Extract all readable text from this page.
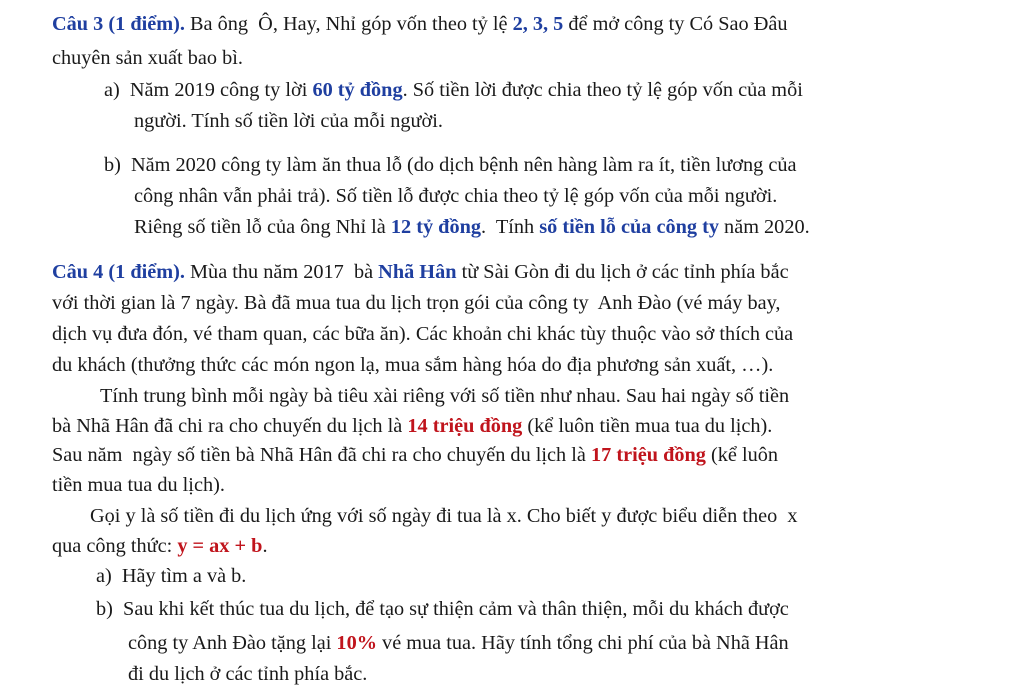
Câu 3 (1 điểm). Ba ông  Ô, Hay, Nhỉ góp vốn theo tỷ lệ 2, 3, 5 để mở công ty Có Sao Đâu
chuyên sản xuất bao bì.
a)  Năm 2019 công ty lời 60 tỷ đồng. Số tiền lời được chia theo tỷ lệ góp vốn của mỗi
người. Tính số tiền lời của mỗi người.
b)  Năm 2020 công ty làm ăn thua lỗ (do dịch bệnh nên hàng làm ra ít, tiền lương của
công nhân vẫn phải trả). Số tiền lỗ được chia theo tỷ lệ góp vốn của mỗi người.
Riêng số tiền lỗ của ông Nhỉ là 12 tỷ đồng.  Tính số tiền lỗ của công ty năm 2020.
Câu 4 (1 điểm). Mùa thu năm 2017  bà Nhã Hân từ Sài Gòn đi du lịch ở các tỉnh phía bắc
với thời gian là 7 ngày. Bà đã mua tua du lịch trọn gói của công ty  Anh Đào (vé máy bay,
dịch vụ đưa đón, vé tham quan, các bữa ăn). Các khoản chi khác tùy thuộc vào sở thích của
du khách (thưởng thức các món ngon lạ, mua sắm hàng hóa do địa phương sản xuất, …).
Tính trung bình mỗi ngày bà tiêu xài riêng với số tiền như nhau. Sau hai ngày số tiền
bà Nhã Hân đã chi ra cho chuyến du lịch là 14 triệu đồng (kể luôn tiền mua tua du lịch).
Sau năm  ngày số tiền bà Nhã Hân đã chi ra cho chuyến du lịch là 17 triệu đồng (kể luôn
tiền mua tua du lịch).
Gọi y là số tiền đi du lịch ứng với số ngày đi tua là x. Cho biết y được biểu diễn theo  x
qua công thức: y = ax + b.
a)  Hãy tìm a và b.
b)  Sau khi kết thúc tua du lịch, để tạo sự thiện cảm và thân thiện, mỗi du khách được
công ty Anh Đào tặng lại 10% vé mua tua. Hãy tính tổng chi phí của bà Nhã Hân
đi du lịch ở các tỉnh phía bắc.
